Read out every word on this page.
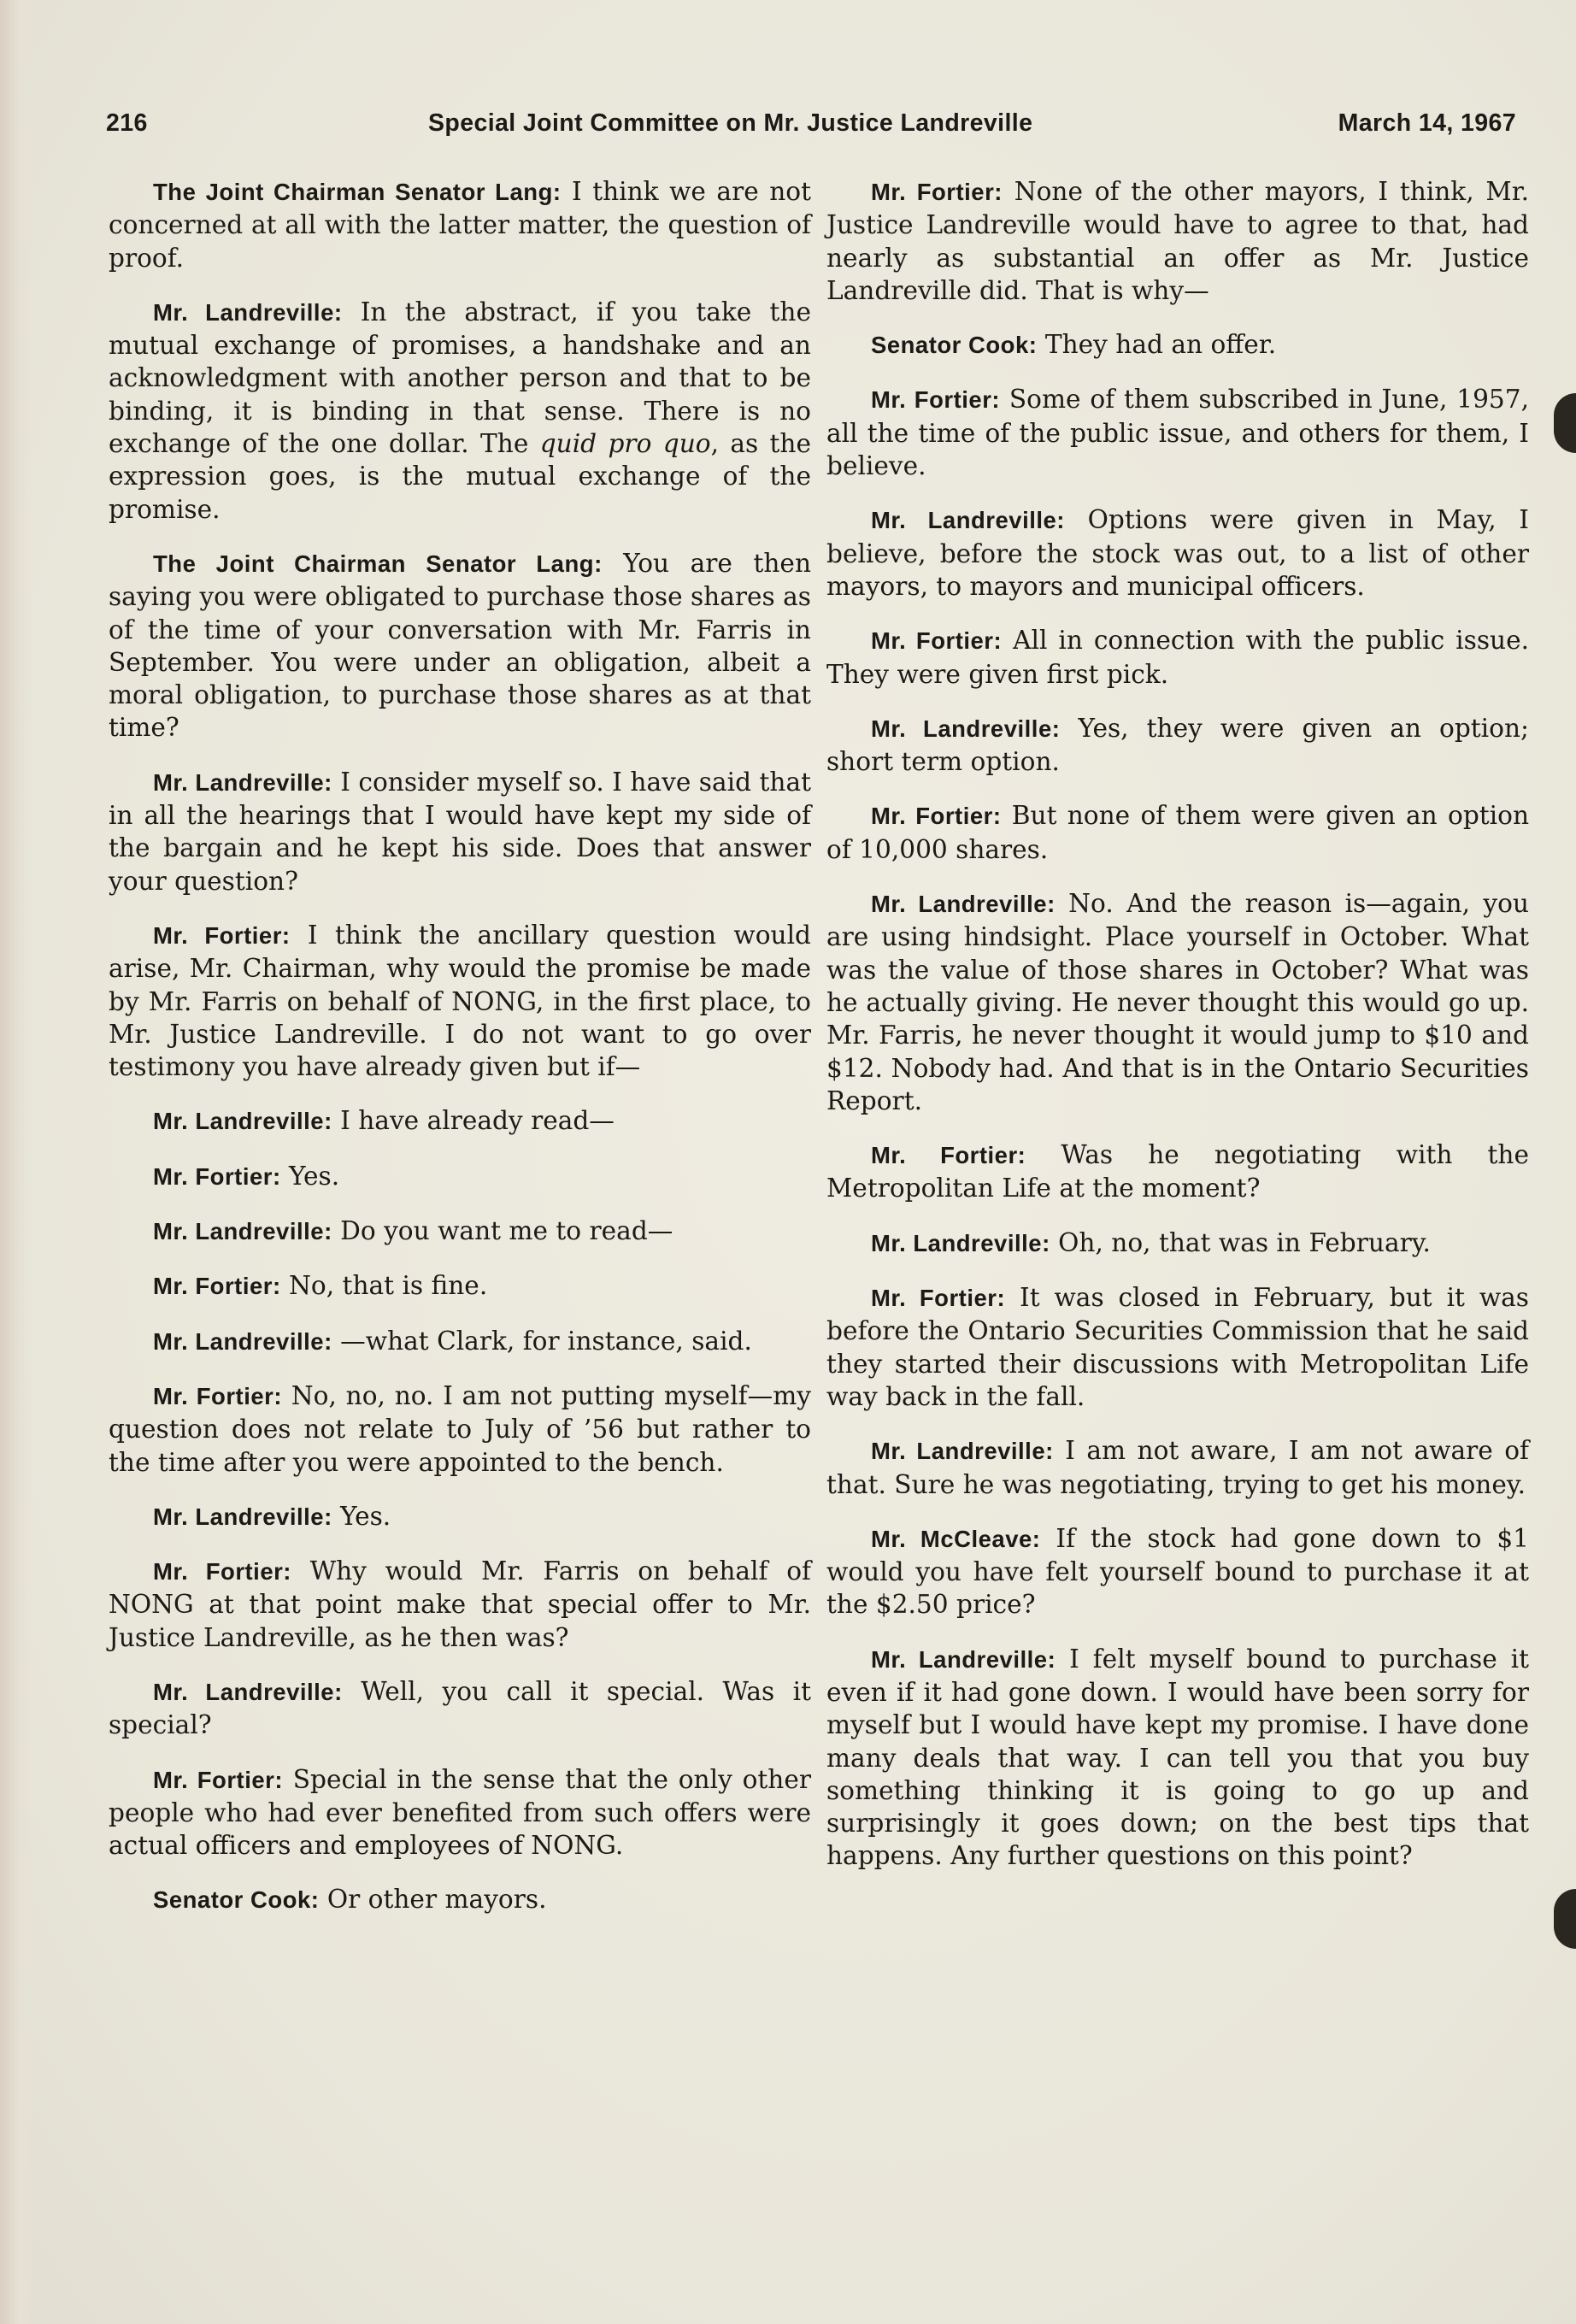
216	Special Joint Committee on Mr. Justice Landreville	March 14, 1967

The Joint Chairman Senator Lang: I think we are not concerned at all with the latter matter, the question of proof.

Mr. Landreville: In the abstract, if you take the mutual exchange of promises, a handshake and an acknowledgment with another person and that to be binding, it is binding in that sense. There is no exchange of the one dollar. The quid pro quo, as the expression goes, is the mutual exchange of the promise.

The Joint Chairman Senator Lang: You are then saying you were obligated to purchase those shares as of the time of your conversation with Mr. Farris in September. You were under an obligation, albeit a moral obligation, to purchase those shares as at that time?

Mr. Landreville: I consider myself so. I have said that in all the hearings that I would have kept my side of the bargain and he kept his side. Does that answer your question?

Mr. Fortier: I think the ancillary question would arise, Mr. Chairman, why would the promise be made by Mr. Farris on behalf of NONG, in the first place, to Mr. Justice Landreville. I do not want to go over testimony you have already given but if—

Mr. Landreville: I have already read—

Mr. Fortier: Yes.

Mr. Landreville: Do you want me to read—

Mr. Fortier: No, that is fine.

Mr. Landreville: —what Clark, for instance, said.

Mr. Fortier: No, no, no. I am not putting myself—my question does not relate to July of ’56 but rather to the time after you were appointed to the bench.

Mr. Landreville: Yes.

Mr. Fortier: Why would Mr. Farris on behalf of NONG at that point make that special offer to Mr. Justice Landreville, as he then was?

Mr. Landreville: Well, you call it special. Was it special?

Mr. Fortier: Special in the sense that the only other people who had ever benefited from such offers were actual officers and employees of NONG.

Senator Cook: Or other mayors.

Mr. Fortier: None of the other mayors, I think, Mr. Justice Landreville would have to agree to that, had nearly as substantial an offer as Mr. Justice Landreville did. That is why—

Senator Cook: They had an offer.

Mr. Fortier: Some of them subscribed in June, 1957, all the time of the public issue, and others for them, I believe.

Mr. Landreville: Options were given in May, I believe, before the stock was out, to a list of other mayors, to mayors and municipal officers.

Mr. Fortier: All in connection with the public issue. They were given first pick.

Mr. Landreville: Yes, they were given an option; short term option.

Mr. Fortier: But none of them were given an option of 10,000 shares.

Mr. Landreville: No. And the reason is—again, you are using hindsight. Place yourself in October. What was the value of those shares in October? What was he actually giving. He never thought this would go up. Mr. Farris, he never thought it would jump to $10 and $12. Nobody had. And that is in the Ontario Securities Report.

Mr. Fortier: Was he negotiating with the Metropolitan Life at the moment?

Mr. Landreville: Oh, no, that was in February.

Mr. Fortier: It was closed in February, but it was before the Ontario Securities Commission that he said they started their discussions with Metropolitan Life way back in the fall.

Mr. Landreville: I am not aware, I am not aware of that. Sure he was negotiating, trying to get his money.

Mr. McCleave: If the stock had gone down to $1 would you have felt yourself bound to purchase it at the $2.50 price?

Mr. Landreville: I felt myself bound to purchase it even if it had gone down. I would have been sorry for myself but I would have kept my promise. I have done many deals that way. I can tell you that you buy something thinking it is going to go up and surprisingly it goes down; on the best tips that happens. Any further questions on this point?
